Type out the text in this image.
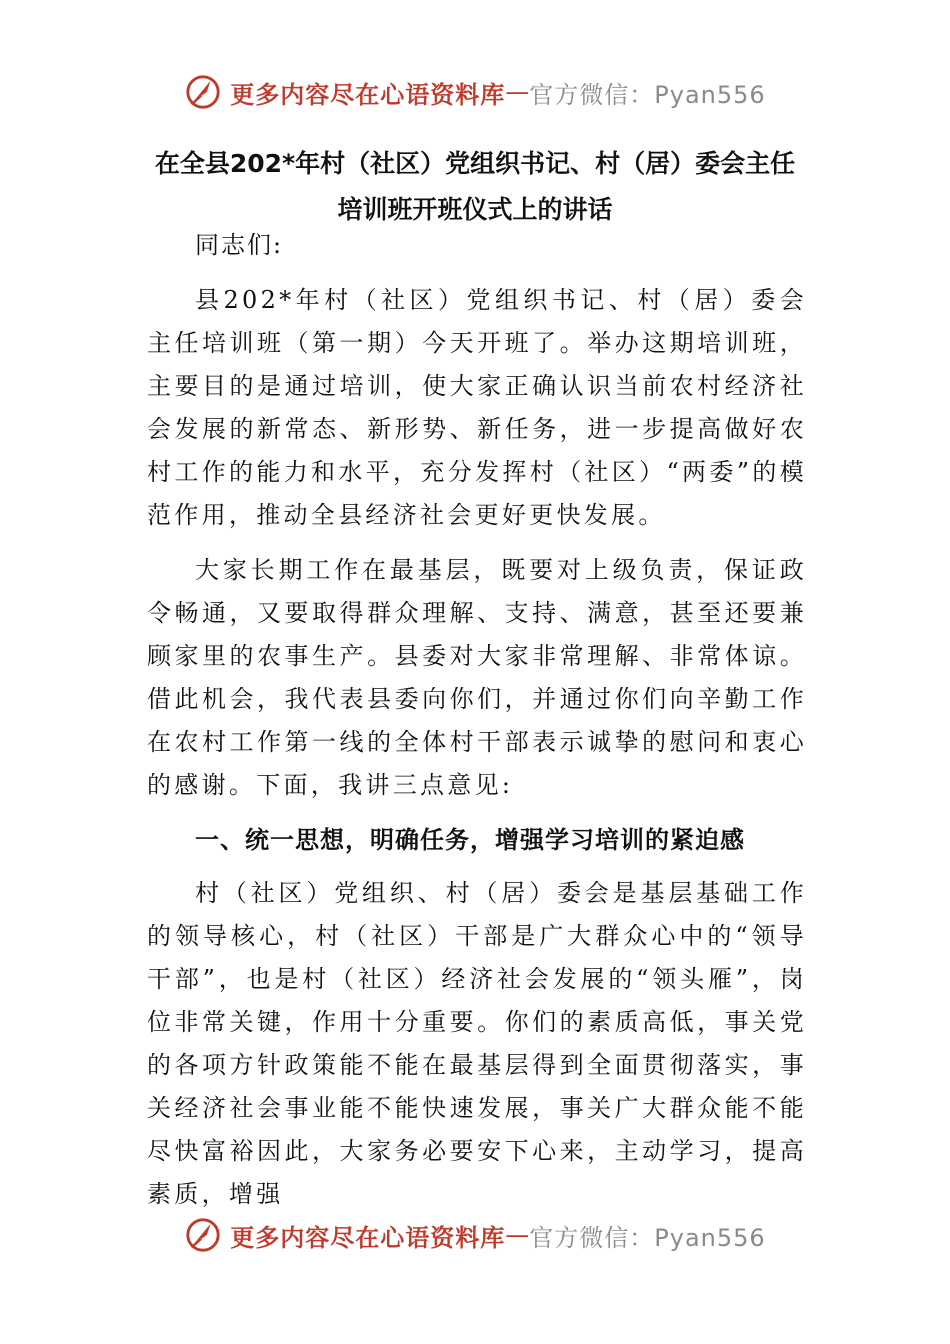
更多内容尽在心语资料库 — 官方微信：Pyan556
在全县202*年村（社区）党组织书记、村（居）委会主任
培训班开班仪式上的讲话

同志们:

县202*年村（社区）党组织书记、村（居）委会主任培训班（第一期）今天开班了。举办这期培训班，主要目的是通过培训，使大家正确认识当前农村经济社会发展的新常态、新形势、新任务，进一步提高做好农村工作的能力和水平，充分发挥村（社区）“两委”的模范作用，推动全县经济社会更好更快发展。

大家长期工作在最基层，既要对上级负责，保证政令畅通，又要取得群众理解、支持、满意，甚至还要兼顾家里的农事生产。县委对大家非常理解、非常体谅。借此机会，我代表县委向你们，并通过你们向辛勤工作在农村工作第一线的全体村干部表示诚挚的慰问和衷心的感谢。下面，我讲三点意见:

一、统一思想，明确任务，增强学习培训的紧迫感

村（社区）党组织、村（居）委会是基层基础工作的领导核心，村（社区）干部是广大群众心中的“领导干部”，也是村（社区）经济社会发展的“领头雁”，岗位非常关键，作用十分重要。你们的素质高低，事关党的各项方针政策能不能在最基层得到全面贯彻落实，事关经济社会事业能不能快速发展，事关广大群众能不能尽快富裕因此，大家务必要安下心来，主动学习，提高素质，增强

更多内容尽在心语资料库 — 官方微信：Pyan556
